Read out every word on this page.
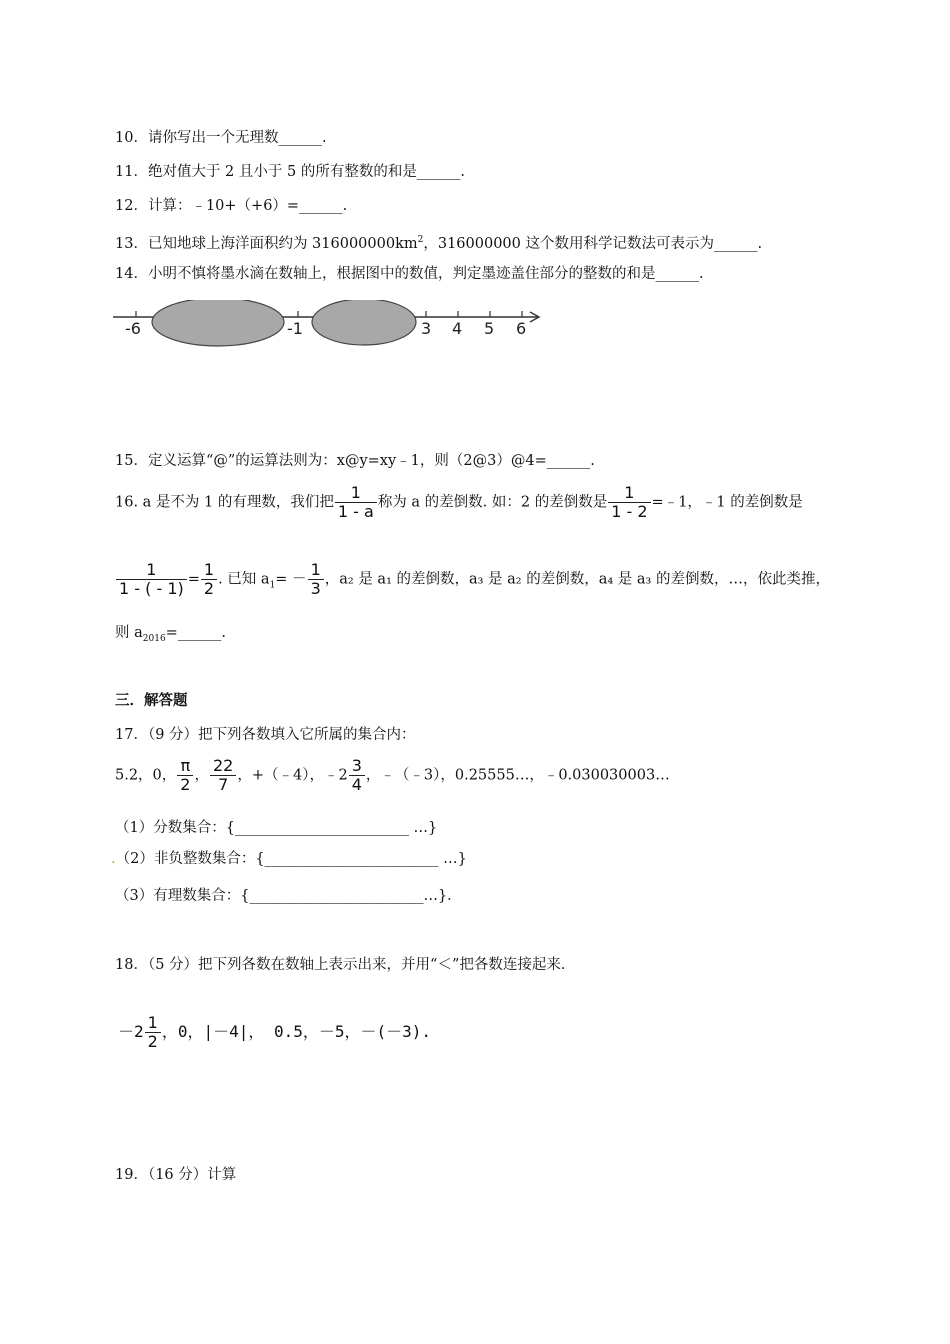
10．请你写出一个无理数______.
11．绝对值大于 2 且小于 5 的所有整数的和是______.
12．计算：﹣10+（+6）=______.
13．已知地球上海洋面积约为 $316000000km^2$，316000000 这个数用科学记数法可表示为______.
14．小明不慎将墨水滴在数轴上，根据图中的数值，判定墨迹盖住部分的整数的和是______.
-6	-1	3 4 5 6
15．定义运算“@”的运算法则为：x@y=xy﹣1，则（2@3）@4=______.
16. a 是不为 1 的有理数，我们把 $\frac{1}{1 - a}$ 称为 a 的差倒数. 如：2 的差倒数是 $\frac{1}{1 - 2}$ =﹣1，﹣1 的差倒数是
$\frac{1}{1 - ( - 1)} = \frac{1}{2}$ . 已知 $a_1= - \frac{1}{3}$ ，a₂ 是 a₁ 的差倒数，a₃ 是 a₂ 的差倒数，a₄ 是 a₃ 的差倒数，…，依此类推，
则 $a_{2016}=\_\_\_\_\_\_$.
三．解答题
17．（9 分）把下列各数填入它所属的集合内：
5.2，0， $\frac{\pi}{2}$ ， $\frac{22}{7}$ ，+（﹣4），﹣2 $\frac{3}{4}$ ，﹣（﹣3），0.25555…，﹣0.030030003…
（1）分数集合：{________________________ …}
.（2）非负整数集合：{________________________ …}
（3）有理数集合：{________________________…}．
18．（5 分）把下列各数在数轴上表示出来，并用“＜”把各数连接起来．
$-2 \frac{1}{2}$ ，0，|－4|， 0.5，－5，－(－3).
19．（16 分）计算
